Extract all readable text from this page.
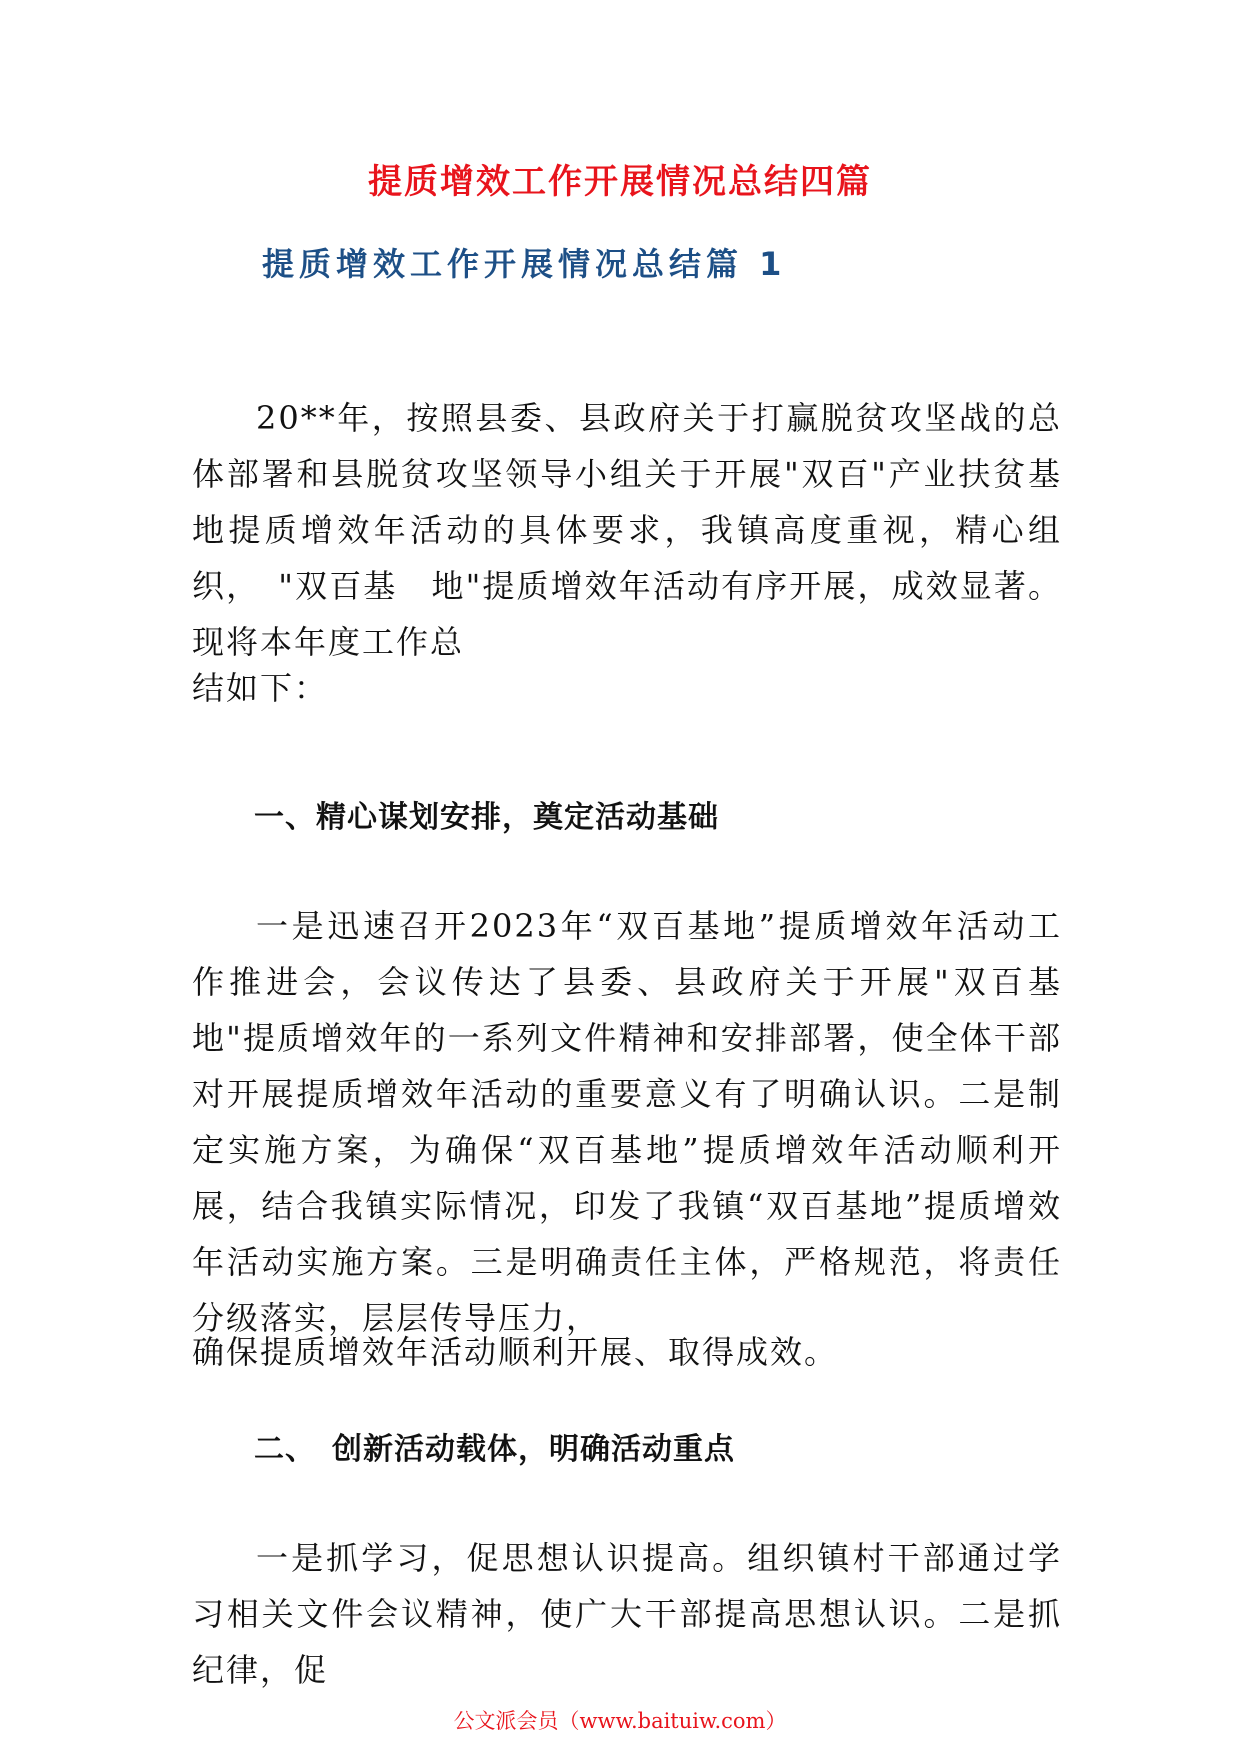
提质增效工作开展情况总结四篇
提质增效工作开展情况总结篇 1

20**年，按照县委、县政府关于打赢脱贫攻坚战的总体部署和县脱贫攻坚领导小组关于开展"双百"产业扶贫基地提质增效年活动的具体要求，我镇高度重视，精心组织，　"双百基　地"提质增效年活动有序开展，成效显著。现将本年度工作总

结如下：

一、精心谋划安排，奠定活动基础

一是迅速召开2023年“双百基地”提质增效年活动工作推进会，会议传达了县委、县政府关于开展"双百基地"提质增效年的一系列文件精神和安排部署，使全体干部对开展提质增效年活动的重要意义有了明确认识。二是制定实施方案，为确保“双百基地”提质增效年活动顺利开展，结合我镇实际情况，印发了我镇“双百基地”提质增效年活动实施方案。三是明确责任主体，严格规范，将责任分级落实，层层传导压力，

确保提质增效年活动顺利开展、取得成效。

二、　创新活动载体，明确活动重点

一是抓学习，促思想认识提高。组织镇村干部通过学习相关文件会议精神，使广大干部提高思想认识。二是抓纪律，促

公文派会员（www.baituiw.com）
